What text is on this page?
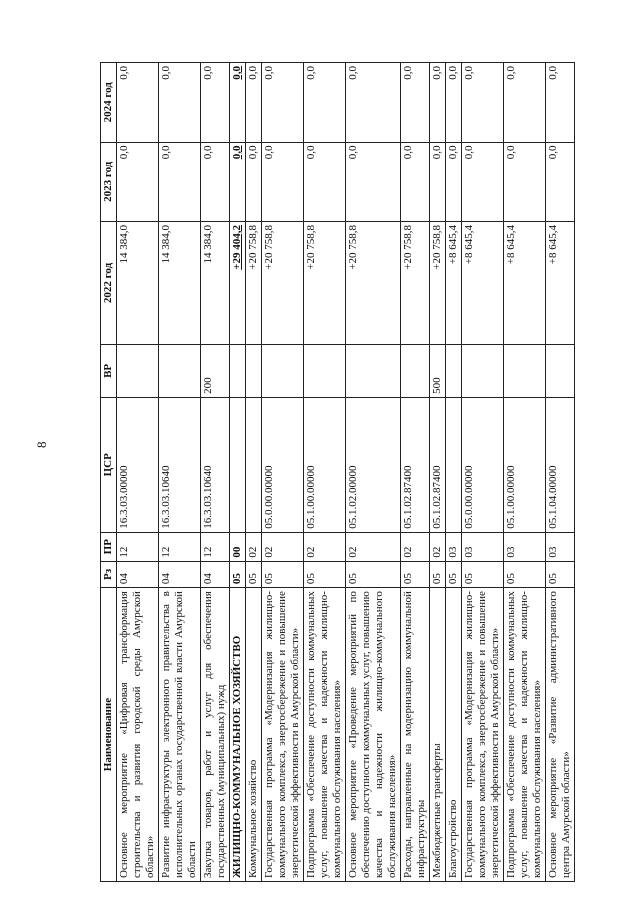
8
Наименование	Рз	ПР	ЦСР	ВР	2022 год	2023 год	2024 год
Основное мероприятие «Цифровая трансформация строительства и развития городской среды Амурской области»	04	12	16.3.03.00000		14 384,0	0,0	0,0
Развитие инфраструктуры электронного правительства в исполнительных органах государственной власти Амурской области	04	12	16.3.03.10640		14 384,0	0,0	0,0
Закупка товаров, работ и услуг для обеспечения государственных (муниципальных) нужд	04	12	16.3.03.10640	200	14 384,0	0,0	0,0
ЖИЛИЩНО-КОММУНАЛЬНОЕ ХОЗЯЙСТВО	05	00			+29 404,2	0,0	0,0
Коммунальное хозяйство	05	02			+20 758,8	0,0	0,0
Государственная программа «Модернизация жилищно-коммунального комплекса, энергосбережение и повышение энергетической эффективности в Амурской области»	05	02	05.0.00.00000		+20 758,8	0,0	0,0
Подпрограмма «Обеспечение доступности коммунальных услуг, повышение качества и надежности жилищно-коммунального обслуживания населения»	05	02	05.1.00.00000		+20 758,8	0,0	0,0
Основное мероприятие «Проведение мероприятий по обеспечению доступности коммунальных услуг, повышению качества и надежности жилищно-коммунального обслуживания населения»	05	02	05.1.02.00000		+20 758,8	0,0	0,0
Расходы, направленные на модернизацию коммунальной инфраструктуры	05	02	05.1.02.87400		+20 758,8	0,0	0,0
Межбюджетные трансферты	05	02	05.1.02.87400	500	+20 758,8	0,0	0,0
Благоустройство	05	03			+8 645,4	0,0	0,0
Государственная программа «Модернизация жилищно-коммунального комплекса, энергосбережение и повышение энергетической эффективности в Амурской области»	05	03	05.0.00.00000		+8 645,4	0,0	0,0
Подпрограмма «Обеспечение доступности коммунальных услуг, повышение качества и надежности жилищно-коммунального обслуживания населения»	05	03	05.1.00.00000		+8 645,4	0,0	0,0
Основное мероприятие «Развитие административного центра Амурской области»	05	03	05.1.04.00000		+8 645,4	0,0	0,0
